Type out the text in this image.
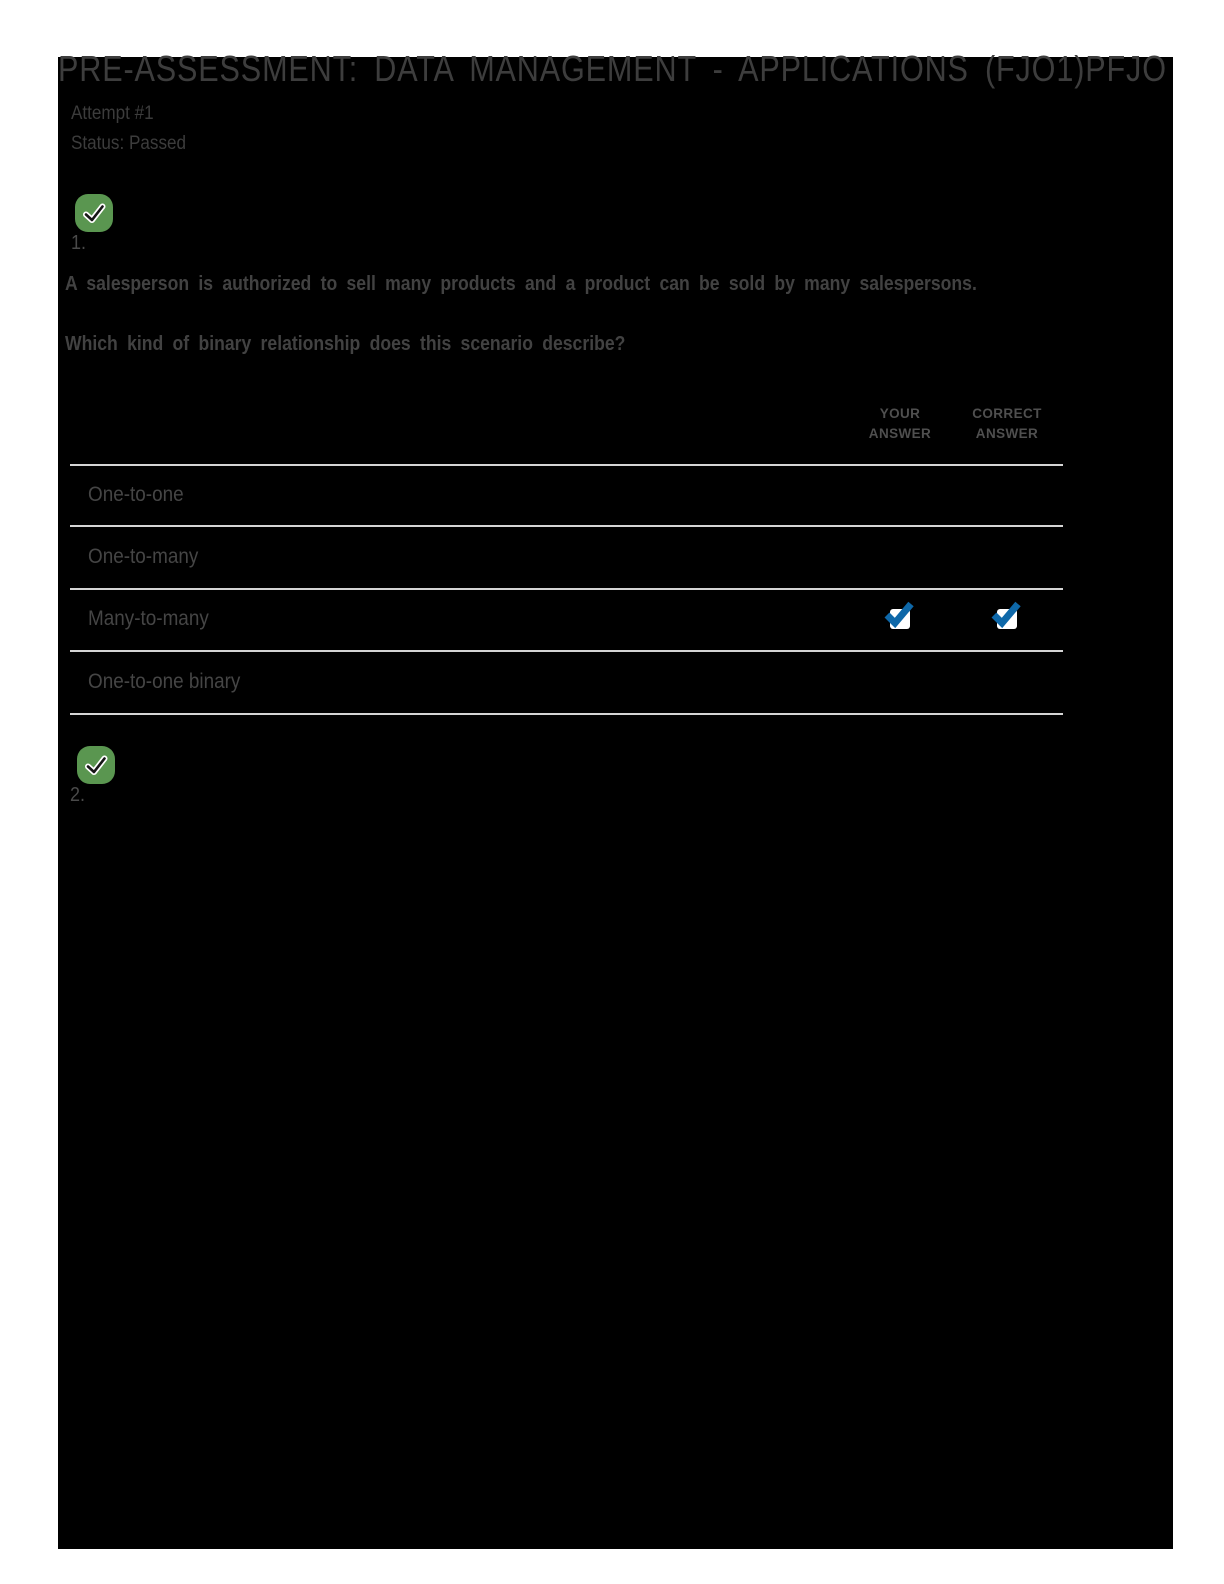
PRE-ASSESSMENT: DATA MANAGEMENT - APPLICATIONS (FJO1)PFJO
Attempt #1
Status: Passed
1.
A salesperson is authorized to sell many products and a product can be sold by many salespersons.
Which kind of binary relationship does this scenario describe?
YOUR ANSWER
CORRECT ANSWER
One-to-one
One-to-many
Many-to-many
One-to-one binary
2.
